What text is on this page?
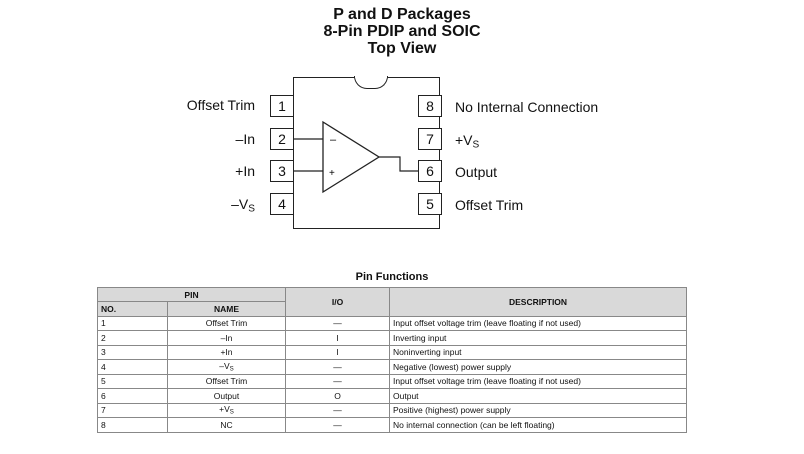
P and D Packages
8-Pin PDIP and SOIC
Top View
–
+
1
2
3
4
Offset Trim
–In
+In
$-V_S$
8
7
6
5
No Internal Connection
$+V_S$
Output
Offset Trim
Pin Functions
PIN		I/O	DESCRIPTION
NO.	NAME		
1	Offset Trim	—	Input offset voltage trim (leave floating if not used)
2	–In	I	Inverting input
3	+In	I	Noninverting input
4	$-V_S$	—	Negative (lowest) power supply
5	Offset Trim	—	Input offset voltage trim (leave floating if not used)
6	Output	O	Output
7	$+V_S$	—	Positive (highest) power supply
8	NC	—	No internal connection (can be left floating)
